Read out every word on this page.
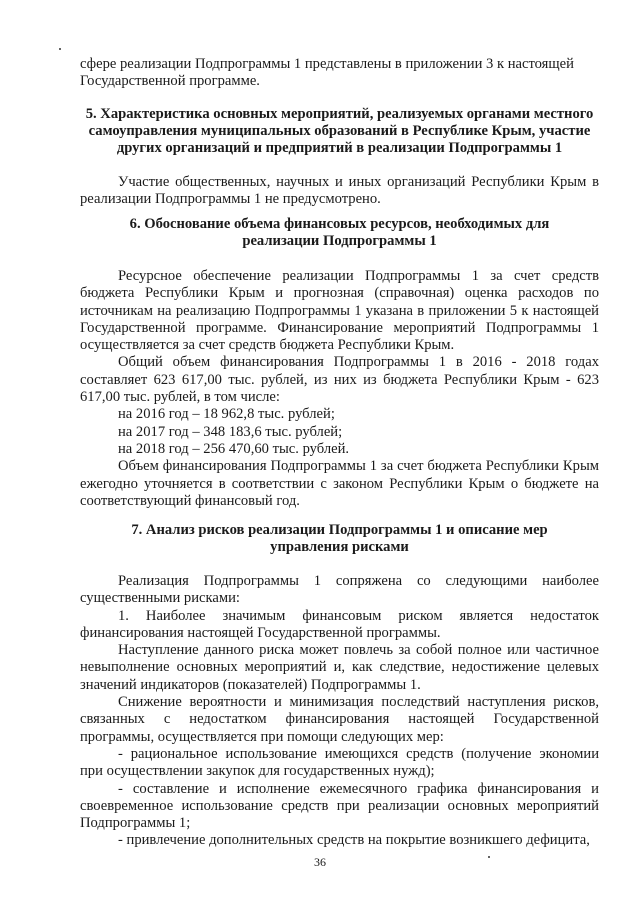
сфере реализации Подпрограммы 1 представлены в приложении 3 к настоящей Государственной программе.

5. Характеристика основных мероприятий, реализуемых органами местного самоуправления муниципальных образований в Республике Крым, участие других организаций и предприятий в реализации Подпрограммы 1

Участие общественных, научных и иных организаций Республики Крым в реализации Подпрограммы 1 не предусмотрено.

6. Обоснование объема финансовых ресурсов, необходимых для реализации Подпрограммы 1

Ресурсное обеспечение реализации Подпрограммы 1 за счет средств бюджета Республики Крым и прогнозная (справочная) оценка расходов по источникам на реализацию Подпрограммы 1 указана в приложении 5 к настоящей Государственной программе. Финансирование мероприятий Подпрограммы 1 осуществляется за счет средств бюджета Республики Крым.

Общий объем финансирования Подпрограммы 1 в 2016 - 2018 годах составляет 623 617,00 тыс. рублей, из них из бюджета Республики Крым - 623 617,00 тыс. рублей, в том числе:

на 2016 год – 18 962,8 тыс. рублей;

на 2017 год – 348 183,6 тыс. рублей;

на 2018 год – 256 470,60 тыс. рублей.

Объем финансирования Подпрограммы 1 за счет бюджета Республики Крым ежегодно уточняется в соответствии с законом Республики Крым о бюджете на соответствующий финансовый год.

7. Анализ рисков реализации Подпрограммы 1 и описание мер управления рисками

Реализация Подпрограммы 1 сопряжена со следующими наиболее существенными рисками:

1. Наиболее значимым финансовым риском является недостаток финансирования настоящей Государственной программы.

Наступление данного риска может повлечь за собой полное или частичное невыполнение основных мероприятий и, как следствие, недостижение целевых значений индикаторов (показателей) Подпрограммы 1.

Снижение вероятности и минимизация последствий наступления рисков, связанных с недостатком финансирования настоящей Государственной программы, осуществляется при помощи следующих мер:

- рациональное использование имеющихся средств (получение экономии при осуществлении закупок для государственных нужд);

- составление и исполнение ежемесячного графика финансирования и своевременное использование средств при реализации основных мероприятий Подпрограммы 1;

- привлечение дополнительных средств на покрытие возникшего дефицита,

36
